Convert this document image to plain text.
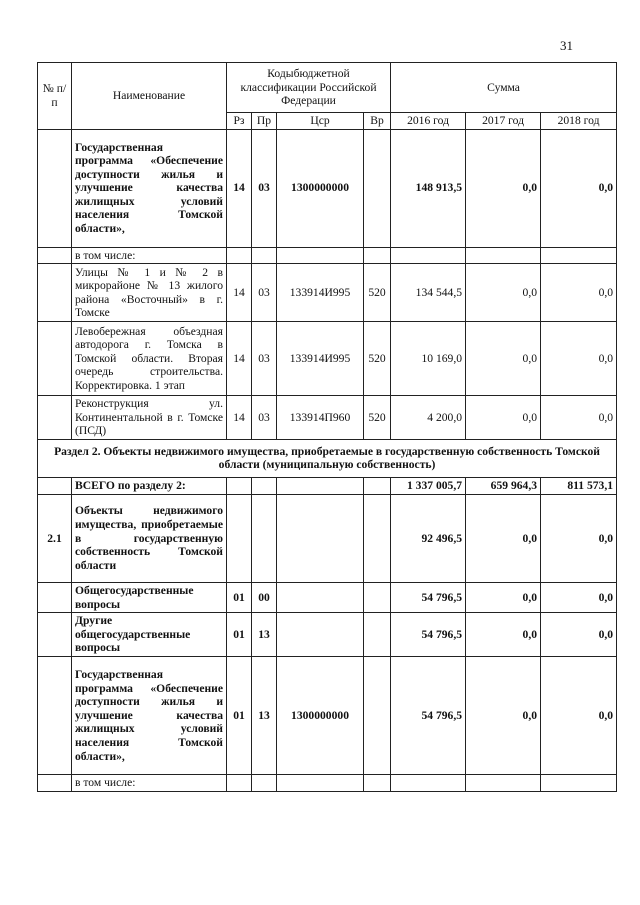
31
№ п/п	Наименование	Кодыбюджетной классификации Российской Федерации				Сумма		
		Рз	Пр	Цср	Вр	2016 год	2017 год	2018 год
	Государственная программа «Обеспечение доступности жилья и улучшение качества жилищных условий населения Томской области»,	14	03	1300000000		148 913,5	0,0	0,0
	в том числе:							
	Улицы № 1 и № 2 в микрорайоне № 13 жилого района «Восточный» в г. Томске	14	03	133914И995	520	134 544,5	0,0	0,0
	Левобережная объездная автодорога г. Томска в Томской области. Вторая очередь строительства. Корректировка. 1 этап	14	03	133914И995	520	10 169,0	0,0	0,0
	Реконструкция ул. Континентальной в г. Томске (ПСД)	14	03	133914П960	520	4 200,0	0,0	0,0
Раздел 2. Объекты недвижимого имущества, приобретаемые в государственную собственность Томской области (муниципальную собственность)								
	ВСЕГО по разделу 2:					1 337 005,7	659 964,3	811 573,1
2.1	Объекты недвижимого имущества, приобретаемые в государственную собственность Томской области					92 496,5	0,0	0,0
	Общегосударственные вопросы	01	00			54 796,5	0,0	0,0
	Другие общегосударственные вопросы	01	13			54 796,5	0,0	0,0
	Государственная программа «Обеспечение доступности жилья и улучшение качества жилищных условий населения Томской области»,	01	13	1300000000		54 796,5	0,0	0,0
	в том числе:							
